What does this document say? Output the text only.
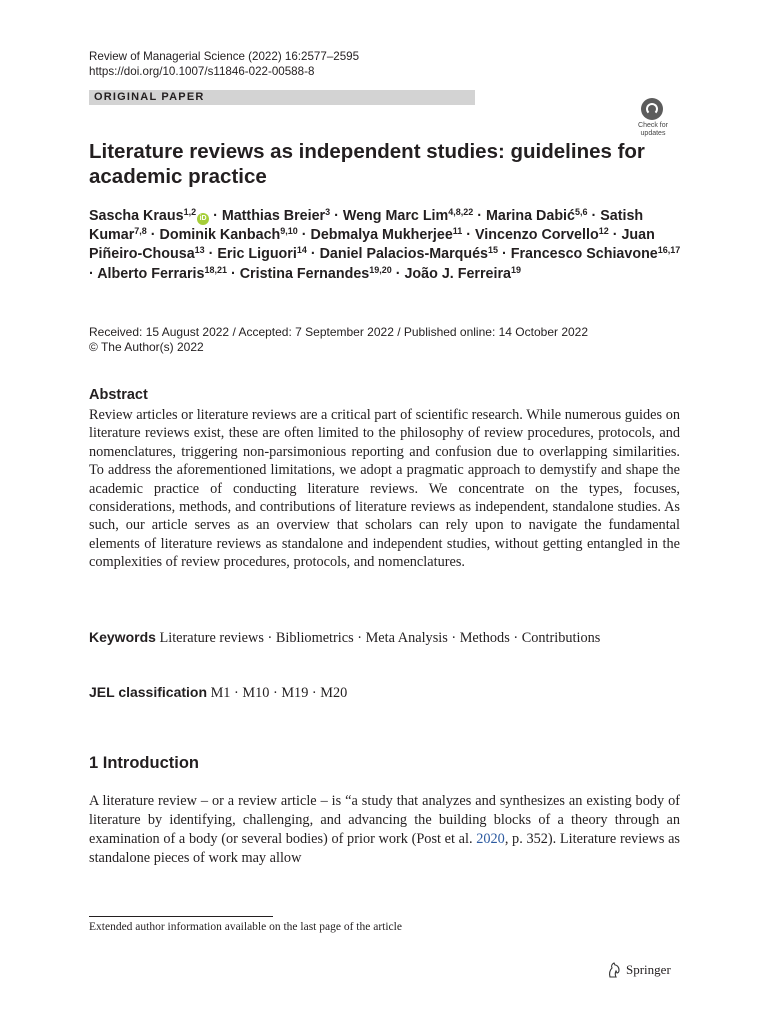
Review of Managerial Science (2022) 16:2577–2595
https://doi.org/10.1007/s11846-022-00588-8
ORIGINAL PAPER
Check for
updates
Literature reviews as independent studies: guidelines for academic practice
Sascha Kraus$^{1,2}$iD · Matthias Breier$^3$ · Weng Marc Lim$^{4,8,22}$ · Marina Dabić$^{5,6}$ · Satish Kumar$^{7,8}$ · Dominik Kanbach$^{9,10}$ · Debmalya Mukherjee$^{11}$ · Vincenzo Corvello$^{12}$ · Juan Piñeiro-Chousa$^{13}$ · Eric Liguori$^{14}$ · Daniel Palacios-Marqués$^{15}$ · Francesco Schiavone$^{16,17}$ · Alberto Ferraris$^{18,21}$ · Cristina Fernandes$^{19,20}$ · João J. Ferreira$^{19}$
Received: 15 August 2022 / Accepted: 7 September 2022 / Published online: 14 October 2022
© The Author(s) 2022
Abstract
Review articles or literature reviews are a critical part of scientific research. While numerous guides on literature reviews exist, these are often limited to the philosophy of review procedures, protocols, and nomenclatures, triggering non-parsimonious reporting and confusion due to overlapping similarities. To address the aforementioned limitations, we adopt a pragmatic approach to demystify and shape the academic practice of conducting literature reviews. We concentrate on the types, focuses, considerations, methods, and contributions of literature reviews as independent, standalone studies. As such, our article serves as an overview that scholars can rely upon to navigate the fundamental elements of literature reviews as standalone and independent studies, without getting entangled in the complexities of review procedures, protocols, and nomenclatures.
Keywords Literature reviews · Bibliometrics · Meta Analysis · Methods · Contributions
JEL classification M1 · M10 · M19 · M20
1 Introduction
A literature review – or a review article – is “a study that analyzes and synthesizes an existing body of literature by identifying, challenging, and advancing the building blocks of a theory through an examination of a body (or several bodies) of prior work (Post et al. 2020, p. 352). Literature reviews as standalone pieces of work may allow
Extended author information available on the last page of the article
Springer
